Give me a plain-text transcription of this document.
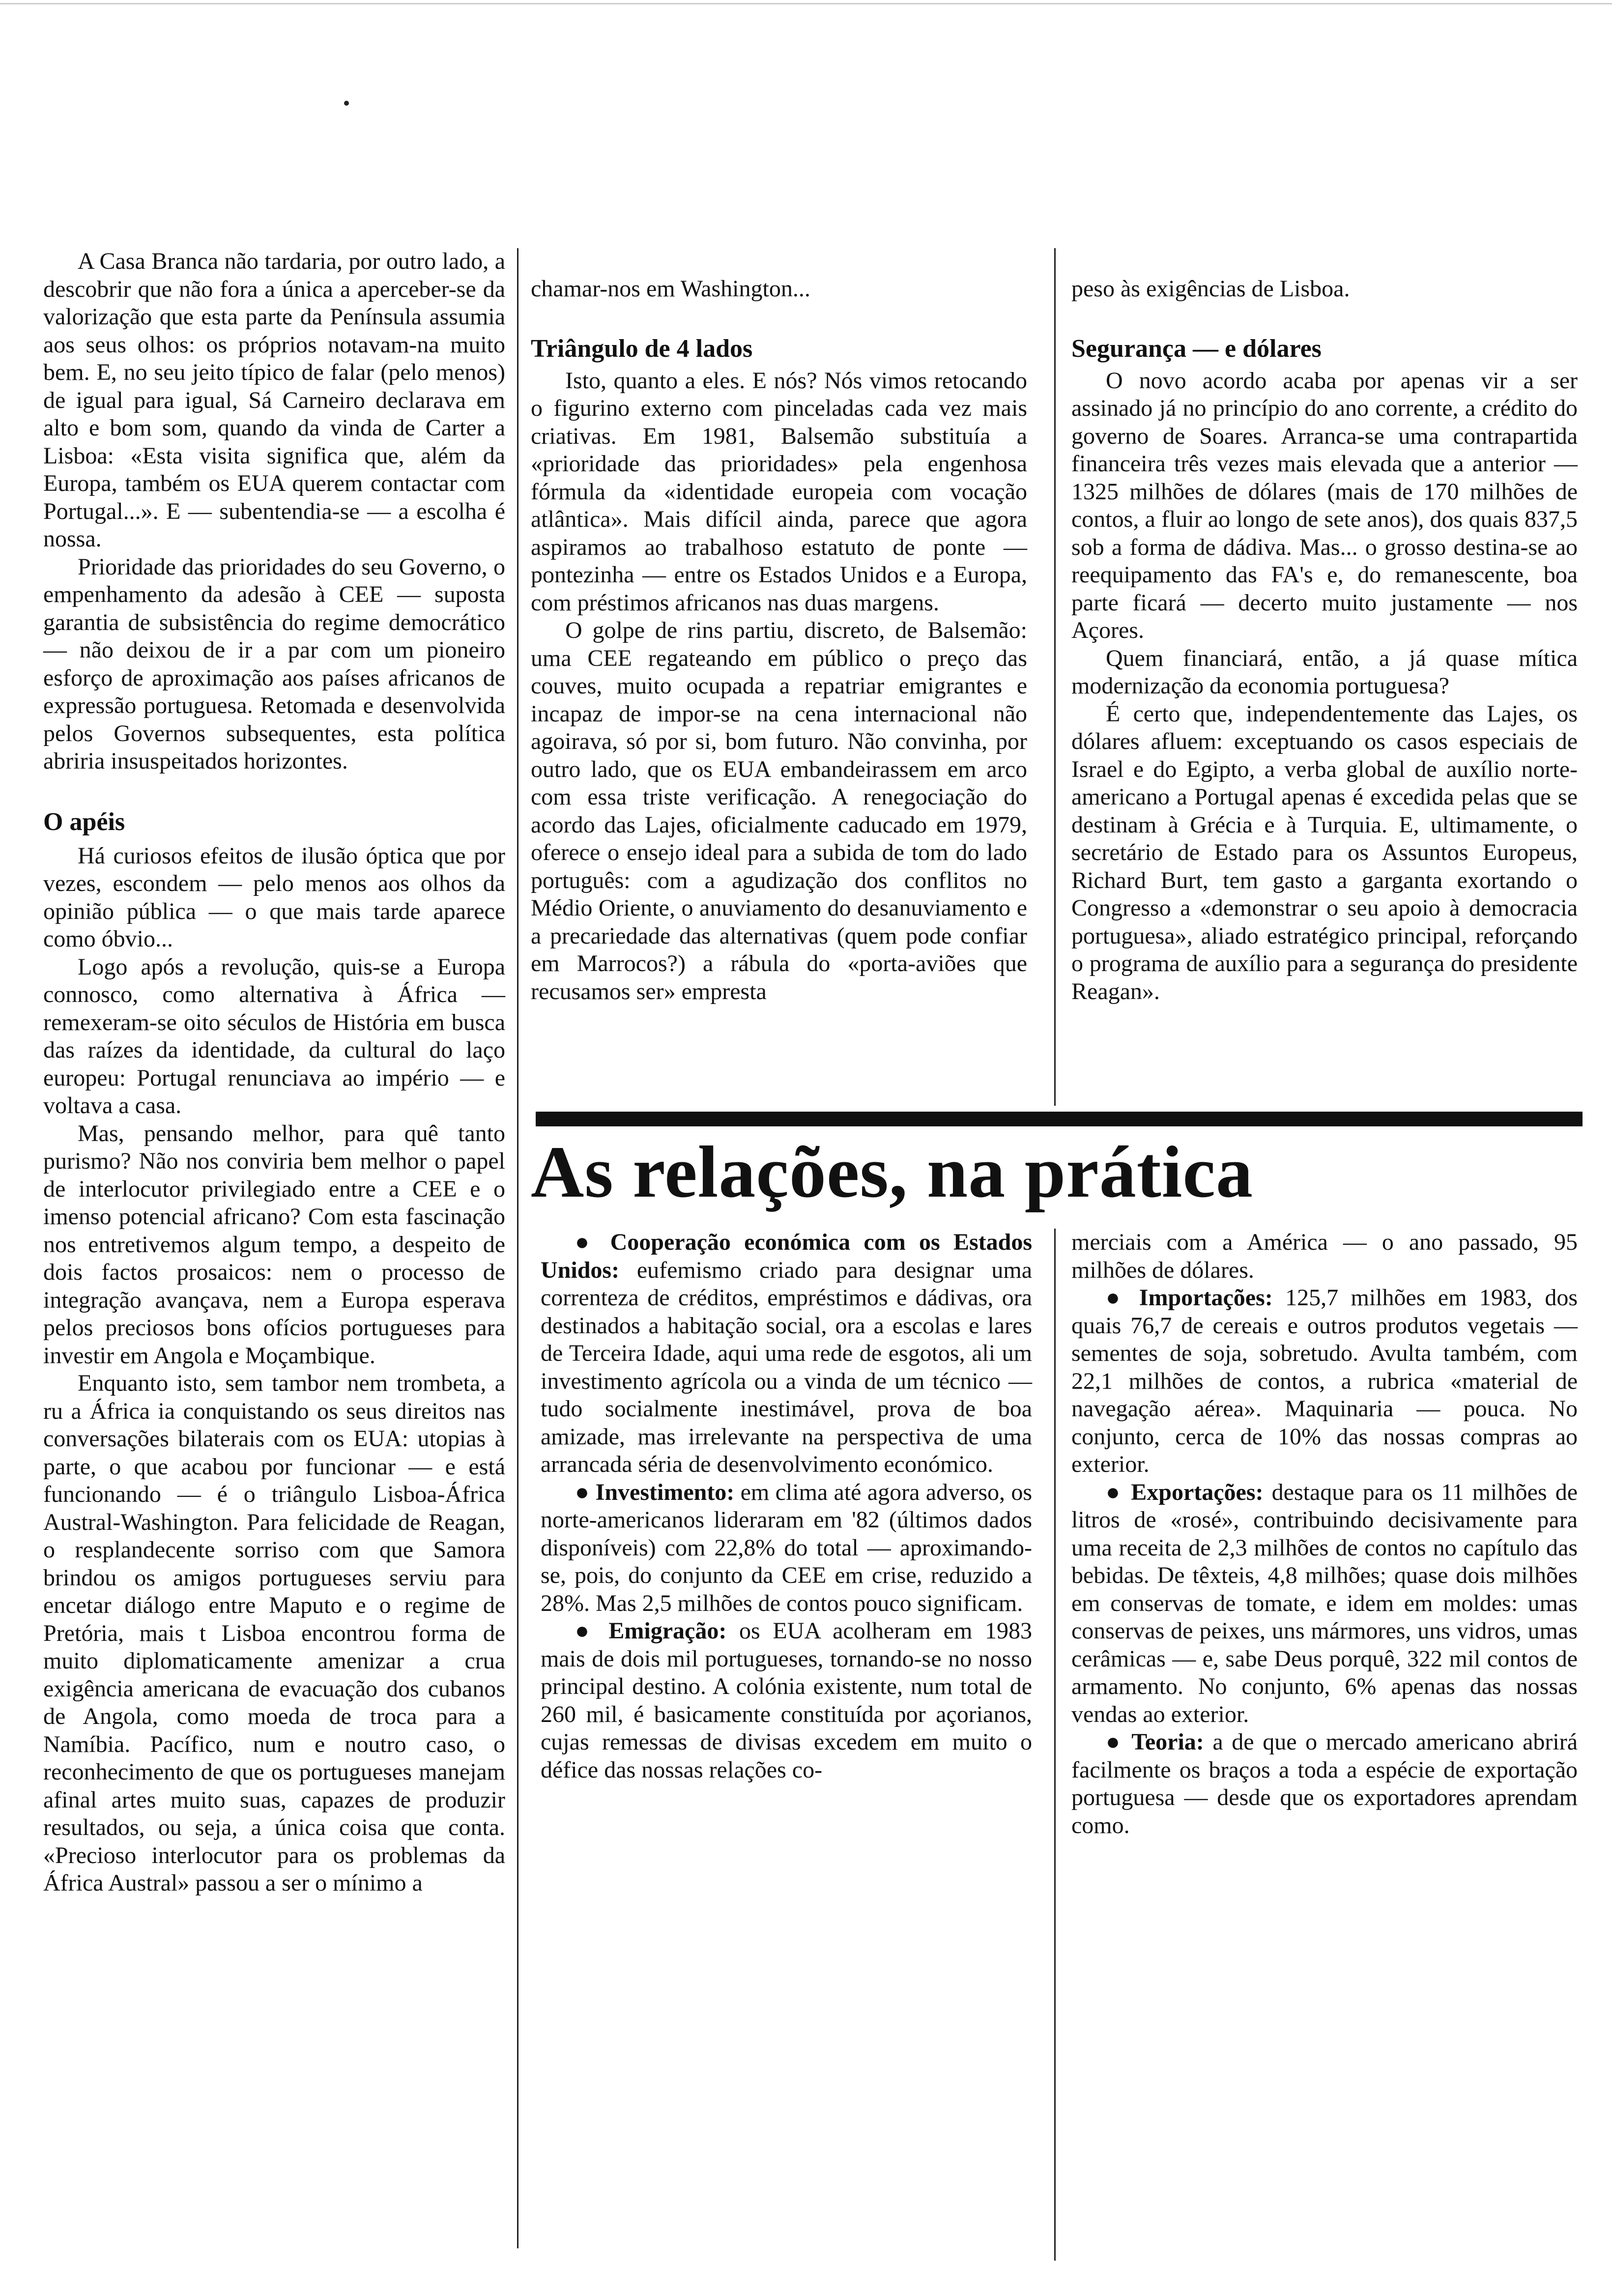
A Casa Branca não tardaria, por outro lado, a descobrir que não fora a única a aperceber-se da valorização que esta parte da Península assumia aos seus olhos: os próprios notavam-na muito bem. E, no seu jeito típico de falar (pelo menos) de igual para igual, Sá Carneiro declarava em alto e bom som, quando da vinda de Carter a Lisboa: «Esta visita significa que, além da Europa, também os EUA querem contactar com Portugal...». E — subentendia-se — a escolha é nossa.

Prioridade das prioridades do seu Governo, o empenhamento da adesão à CEE — suposta garantia de subsistência do regime democrático — não deixou de ir a par com um pioneiro esforço de aproximação aos países africanos de expressão portuguesa. Retomada e desenvolvida pelos Governos subsequentes, esta política abriria insuspeitados horizontes.

O apéis

Há curiosos efeitos de ilusão óptica que por vezes, escondem — pelo menos aos olhos da opinião pública — o que mais tarde aparece como óbvio...

Logo após a revolução, quis-se a Europa connosco, como alternativa à África — remexeram-se oito séculos de História em busca das raízes da identidade, da cultural do laço europeu: Portugal renunciava ao império — e voltava a casa.

Mas, pensando melhor, para quê tanto purismo? Não nos conviria bem melhor o papel de interlocutor privilegiado entre a CEE e o imenso potencial africano? Com esta fascinação nos entretivemos algum tempo, a despeito de dois factos prosaicos: nem o processo de integração avançava, nem a Europa esperava pelos preciosos bons ofícios portugueses para investir em Angola e Moçambique.

Enquanto isto, sem tambor nem trombeta, a ru a África ia conquistando os seus direitos nas conversações bilaterais com os EUA: utopias à parte, o que acabou por funcionar — e está funcionando — é o triângulo Lisboa-África Austral-Washington. Para felicidade de Reagan, o resplandecente sorriso com que Samora brindou os amigos portugueses serviu para encetar diálogo entre Maputo e o regime de Pretória, mais t Lisboa encontrou forma de muito diplomaticamente amenizar a crua exigência americana de evacuação dos cubanos de Angola, como moeda de troca para a Namíbia. Pacífico, num e noutro caso, o reconhecimento de que os portugueses manejam afinal artes muito suas, capazes de produzir resultados, ou seja, a única coisa que conta. «Precioso interlocutor para os problemas da África Austral» passou a ser o mínimo a

chamar-nos em Washington...

Triângulo de 4 lados

Isto, quanto a eles. E nós? Nós vimos retocando o figurino externo com pinceladas cada vez mais criativas. Em 1981, Balsemão substituía a «prioridade das prioridades» pela engenhosa fórmula da «identidade europeia com vocação atlântica». Mais difícil ainda, parece que agora aspiramos ao trabalhoso estatuto de ponte — pontezinha — entre os Estados Unidos e a Europa, com préstimos africanos nas duas margens.

O golpe de rins partiu, discreto, de Balsemão: uma CEE regateando em público o preço das couves, muito ocupada a repatriar emigrantes e incapaz de impor-se na cena internacional não agoirava, só por si, bom futuro. Não convinha, por outro lado, que os EUA embandeirassem em arco com essa triste verificação. A renegociação do acordo das Lajes, oficialmente caducado em 1979, oferece o ensejo ideal para a subida de tom do lado português: com a agudização dos conflitos no Médio Oriente, o anuviamento do desanuviamento e a precariedade das alternativas (quem pode confiar em Marrocos?) a rábula do «porta-aviões que recusamos ser» empresta

peso às exigências de Lisboa.

Segurança — e dólares

O novo acordo acaba por apenas vir a ser assinado já no princípio do ano corrente, a crédito do governo de Soares. Arranca-se uma contrapartida financeira três vezes mais elevada que a anterior — 1325 milhões de dólares (mais de 170 milhões de contos, a fluir ao longo de sete anos), dos quais 837,5 sob a forma de dádiva. Mas... o grosso destina-se ao reequipamento das FA's e, do remanescente, boa parte ficará — decerto muito justamente — nos Açores.

Quem financiará, então, a já quase mítica modernização da economia portuguesa?

É certo que, independentemente das Lajes, os dólares afluem: exceptuando os casos especiais de Israel e do Egipto, a verba global de auxílio norte-americano a Portugal apenas é excedida pelas que se destinam à Grécia e à Turquia. E, ultimamente, o secretário de Estado para os Assuntos Europeus, Richard Burt, tem gasto a garganta exortando o Congresso a «demonstrar o seu apoio à democracia portuguesa», aliado estratégico principal, reforçando o programa de auxílio para a segurança do presidente Reagan».

As relações, na prática

● Cooperação económica com os Estados Unidos: eufemismo criado para designar uma correnteza de créditos, empréstimos e dádivas, ora destinados a habitação social, ora a escolas e lares de Terceira Idade, aqui uma rede de esgotos, ali um investimento agrícola ou a vinda de um técnico — tudo socialmente inestimável, prova de boa amizade, mas irrelevante na perspectiva de uma arrancada séria de desenvolvimento económico.

● Investimento: em clima até agora adverso, os norte-americanos lideraram em '82 (últimos dados disponíveis) com 22,8% do total — aproximando-se, pois, do conjunto da CEE em crise, reduzido a 28%. Mas 2,5 milhões de contos pouco significam.

● Emigração: os EUA acolheram em 1983 mais de dois mil portugueses, tornando-se no nosso principal destino. A colónia existente, num total de 260 mil, é basicamente constituída por açorianos, cujas remessas de divisas excedem em muito o défice das nossas relações co-

merciais com a América — o ano passado, 95 milhões de dólares.

● Importações: 125,7 milhões em 1983, dos quais 76,7 de cereais e outros produtos vegetais — sementes de soja, sobretudo. Avulta também, com 22,1 milhões de contos, a rubrica «material de navegação aérea». Maquinaria — pouca. No conjunto, cerca de 10% das nossas compras ao exterior.

● Exportações: destaque para os 11 milhões de litros de «rosé», contribuindo decisivamente para uma receita de 2,3 milhões de contos no capítulo das bebidas. De têxteis, 4,8 milhões; quase dois milhões em conservas de tomate, e idem em moldes: umas conservas de peixes, uns mármores, uns vidros, umas cerâmicas — e, sabe Deus porquê, 322 mil contos de armamento. No conjunto, 6% apenas das nossas vendas ao exterior.

● Teoria: a de que o mercado americano abrirá facilmente os braços a toda a espécie de exportação portuguesa — desde que os exportadores aprendam como.
